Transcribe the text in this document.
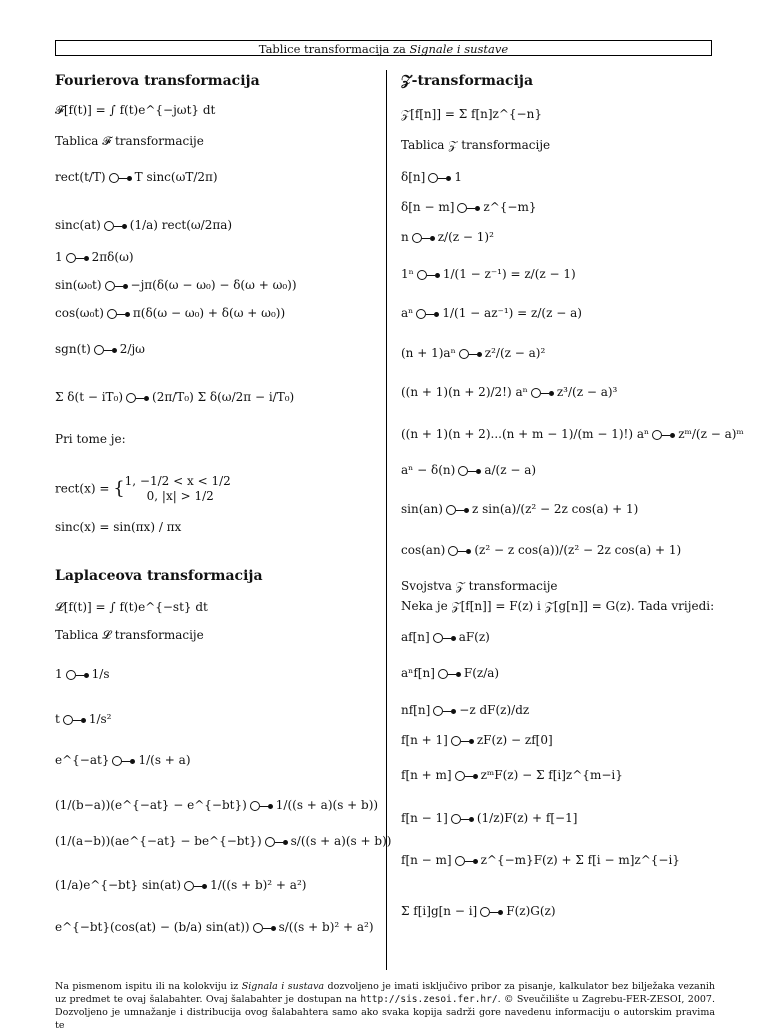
Tablice transformacija za Signale i sustave
Fourierova transformacija
𝓕[f(t)] = ∫ f(t)e^{−jωt} dt
Tablica 𝓕 transformacije
rect(t/T) T sinc(ωT/2π)
sinc(at) (1/a) rect(ω/2πa)
1 2πδ(ω)
sin(ω₀t) −jπ(δ(ω − ω₀) − δ(ω + ω₀))
cos(ω₀t) π(δ(ω − ω₀) + δ(ω + ω₀))
sgn(t) 2/jω
Σ δ(t − iT₀) (2π/T₀) Σ δ(ω/2π − i/T₀)
Pri tome je:
rect(x) = { 1, −1/2 < x < 1/2
0, |x| > 1/2
sinc(x) = sin(πx) / πx
Laplaceova transformacija
𝓛[f(t)] = ∫ f(t)e^{−st} dt
Tablica 𝓛 transformacije
1 1/s
t 1/s²
e^{−at} 1/(s + a)
(1/(b−a))(e^{−at} − e^{−bt}) 1/((s + a)(s + b))
(1/(a−b))(ae^{−at} − be^{−bt}) s/((s + a)(s + b))
(1/a)e^{−bt} sin(at) 1/((s + b)² + a²)
e^{−bt}(cos(at) − (b/a) sin(at)) s/((s + b)² + a²)
𝒵-transformacija
𝒵[f[n]] = Σ f[n]z^{−n}
Tablica 𝒵 transformacije
δ[n] 1
δ[n − m] z^{−m}
n z/(z − 1)²
1ⁿ 1/(1 − z⁻¹) = z/(z − 1)
aⁿ 1/(1 − az⁻¹) = z/(z − a)
(n + 1)aⁿ z²/(z − a)²
((n + 1)(n + 2)/2!) aⁿ z³/(z − a)³
((n + 1)(n + 2)...(n + m − 1)/(m − 1)!) aⁿ zᵐ/(z − a)ᵐ
aⁿ − δ(n) a/(z − a)
sin(an) z sin(a)/(z² − 2z cos(a) + 1)
cos(an) (z² − z cos(a))/(z² − 2z cos(a) + 1)
Svojstva 𝒵 transformacije
Neka je 𝒵[f[n]] = F(z) i 𝒵[g[n]] = G(z). Tada vrijedi:
af[n] aF(z)
aⁿf[n] F(z/a)
nf[n] −z dF(z)/dz
f[n + 1] zF(z) − zf[0]
f[n + m] zᵐF(z) − Σ f[i]z^{m−i}
f[n − 1] (1/z)F(z) + f[−1]
f[n − m] z^{−m}F(z) + Σ f[i − m]z^{−i}
Σ f[i]g[n − i] F(z)G(z)
Na pismenom ispitu ili na kolokviju iz Signala i sustava dozvoljeno je imati isključivo pribor za pisanje, kalkulator bez bilježaka vezanih uz predmet te ovaj šalabahter. Ovaj šalabahter je dostupan na http://sis.zesoi.fer.hr/. © Sveučilište u Zagrebu-FER-ZESOI, 2007. Dozvoljeno je umnažanje i distribucija ovog šalabahtera samo ako svaka kopija sadrži gore navedenu informaciju o autorskim pravima te
